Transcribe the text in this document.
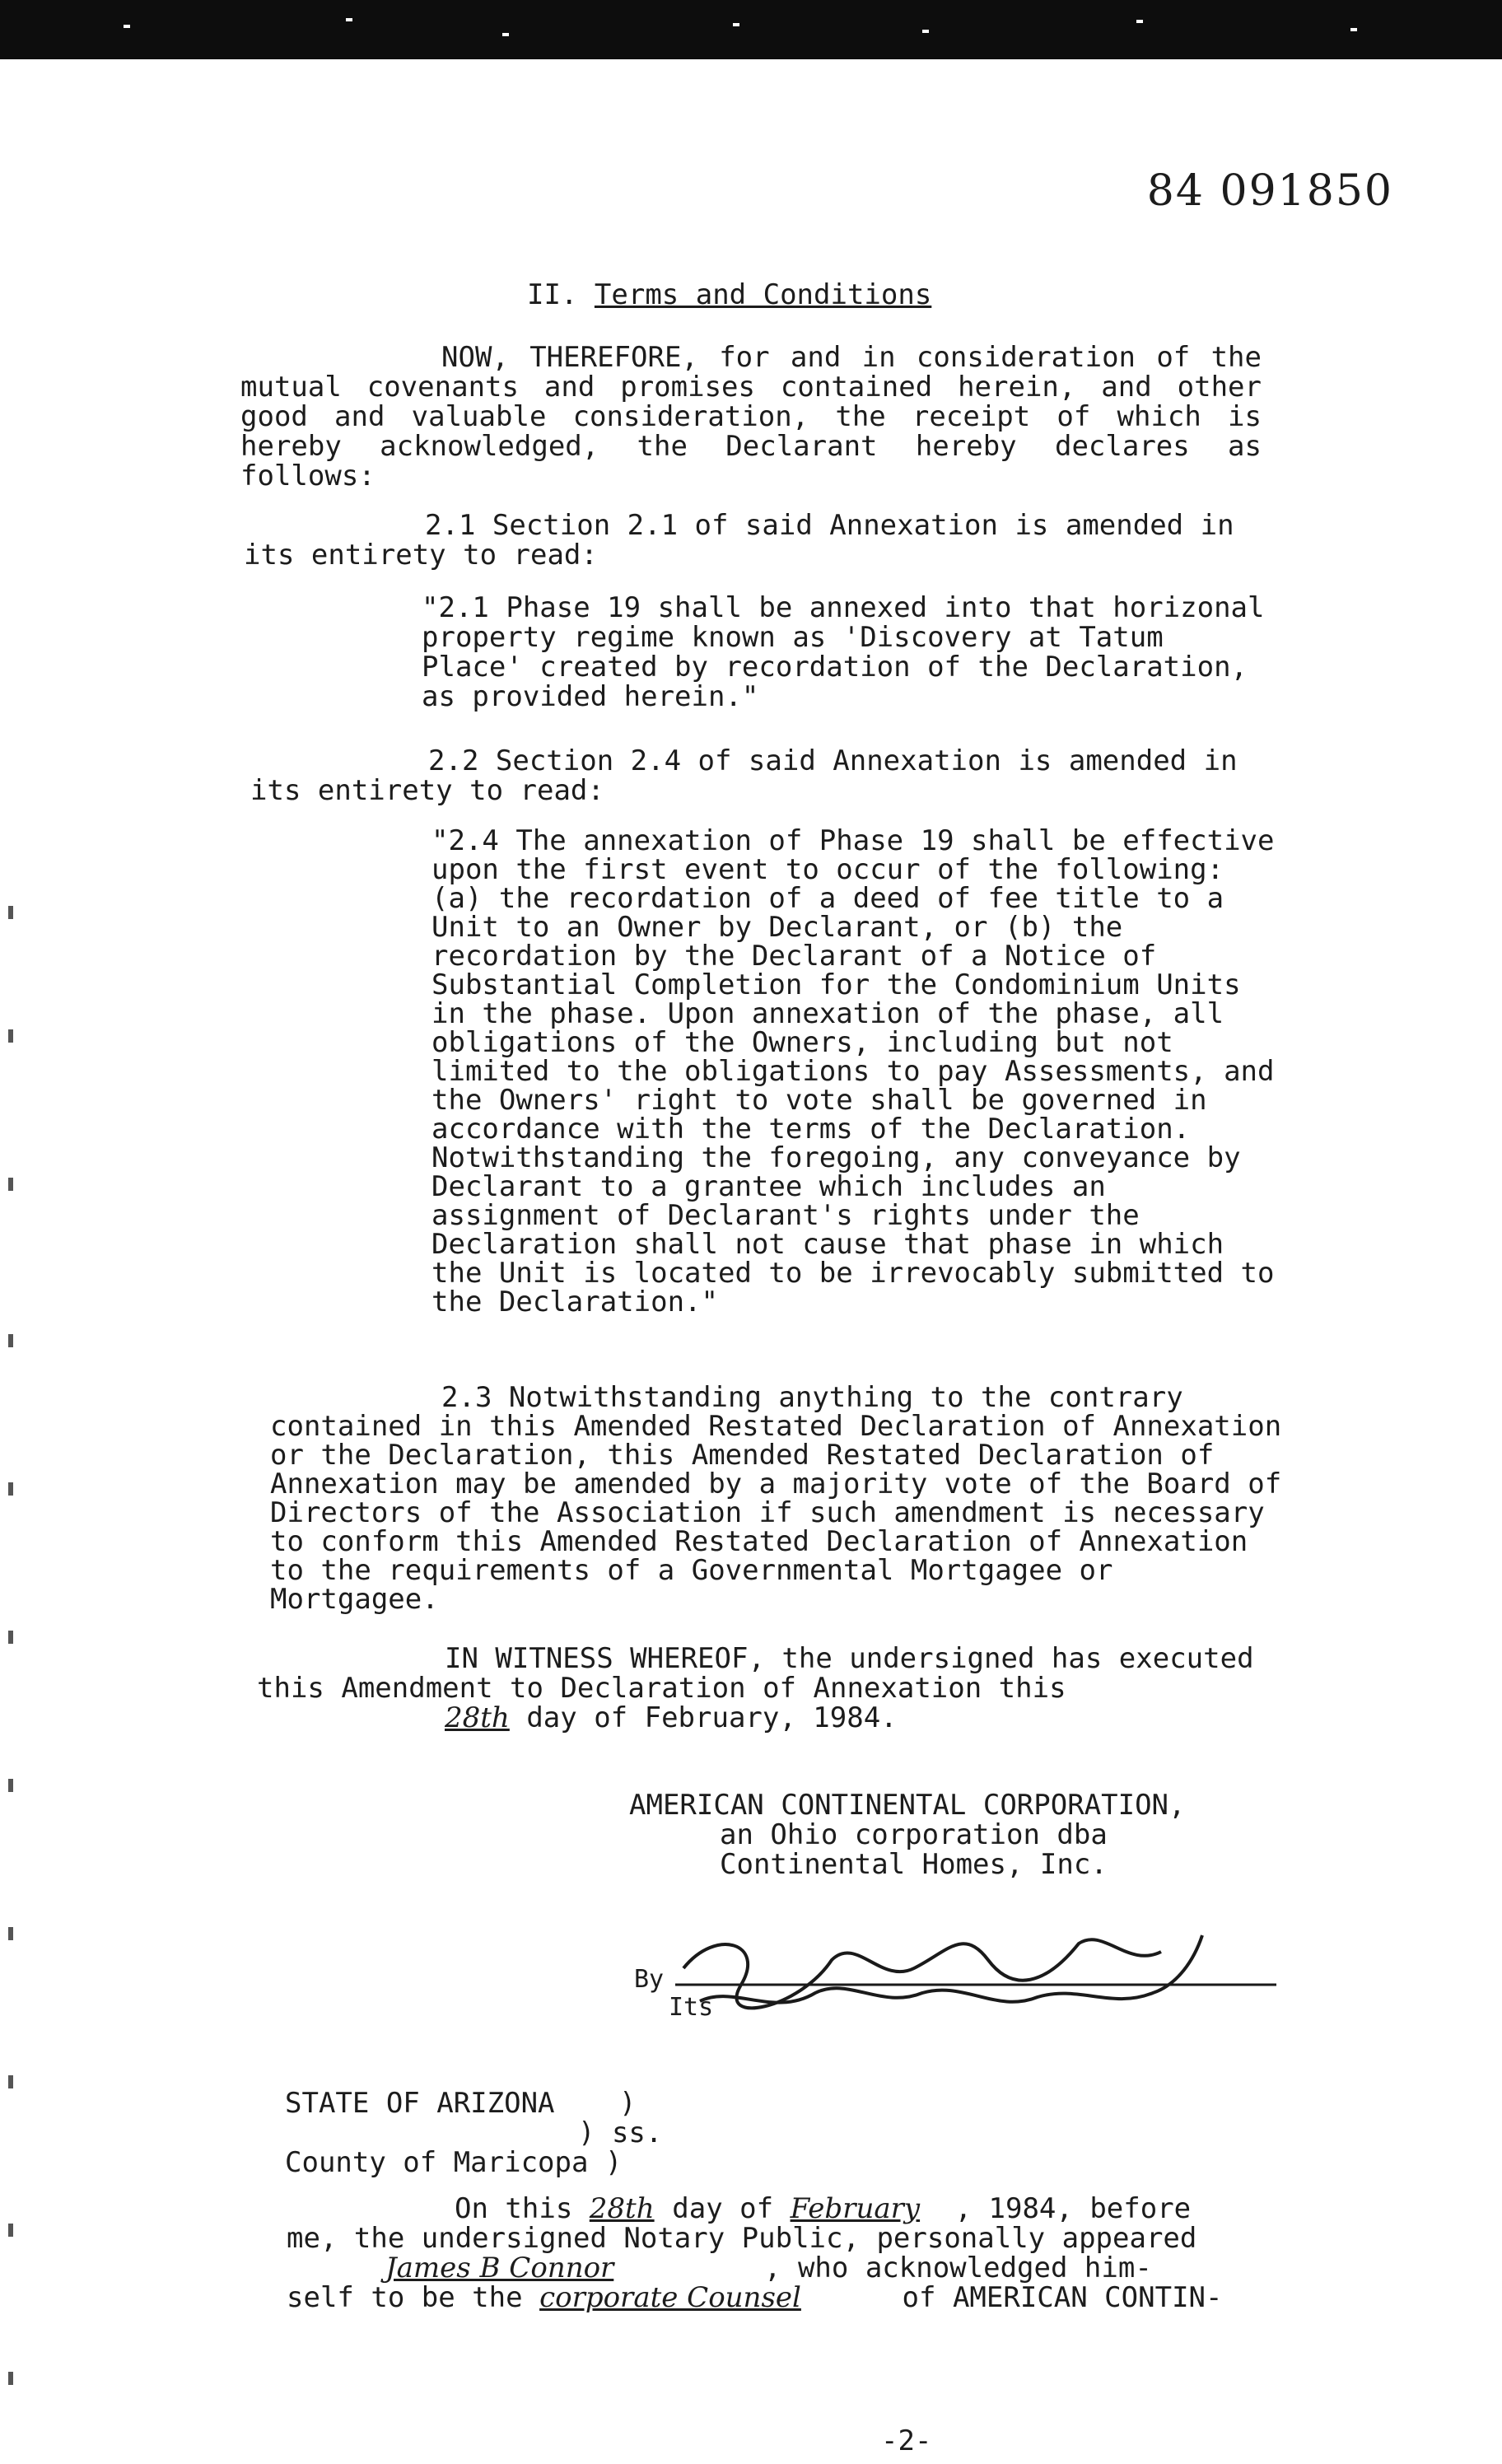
84 091850
II. Terms and Conditions
NOW, THEREFORE, for and in consideration of the mutual covenants and promises contained herein, and other good and valuable consideration, the receipt of which is hereby acknowledged, the Declarant hereby declares as follows:
2.1 Section 2.1 of said Annexation is amended in its entirety to read:
"2.1 Phase 19 shall be annexed into that horizonal property regime known as 'Discovery at Tatum Place' created by recordation of the Declaration, as provided herein."
2.2 Section 2.4 of said Annexation is amended in its entirety to read:
"2.4 The annexation of Phase 19 shall be effective upon the first event to occur of the following: (a) the recordation of a deed of fee title to a Unit to an Owner by Declarant, or (b) the recordation by the Declarant of a Notice of Substantial Completion for the Condominium Units in the phase. Upon annexation of the phase, all obligations of the Owners, including but not limited to the obligations to pay Assessments, and the Owners' right to vote shall be governed in accordance with the terms of the Declaration. Notwithstanding the foregoing, any conveyance by Declarant to a grantee which includes an assignment of Declarant's rights under the Declaration shall not cause that phase in which the Unit is located to be irrevocably submitted to the Declaration."
2.3 Notwithstanding anything to the contrary contained in this Amended Restated Declaration of Annexation or the Declaration, this Amended Restated Declaration of Annexation may be amended by a majority vote of the Board of Directors of the Association if such amendment is necessary to conform this Amended Restated Declaration of Annexation to the requirements of a Governmental Mortgagee or Mortgagee.
IN WITNESS WHEREOF, the undersigned has executed this Amendment to Declaration of Annexation this 28th day of February, 1984.
AMERICAN CONTINENTAL CORPORATION,
an Ohio corporation dba
Continental Homes, Inc.
By
Its
STATE OF ARIZONA )
) ss.
County of Maricopa )
On this 28th day of February , 1984, before
me, the undersigned Notary Public, personally appeared
James B Connor	, who acknowledged him-
self to be the corporate Counsel	of AMERICAN CONTIN-
-2-
